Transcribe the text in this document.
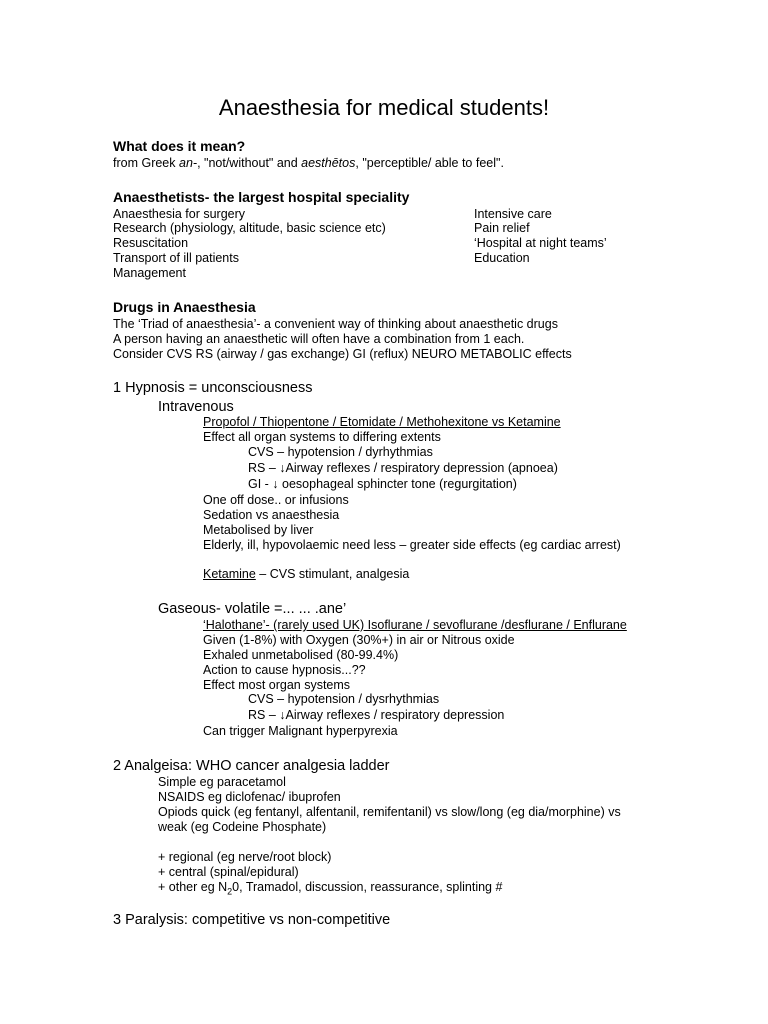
Anaesthesia for medical students!
What does it mean?
from Greek an-, "not/without" and aesthētos, "perceptible/ able to feel".
Anaesthetists- the largest hospital speciality
Anaesthesia for surgery
Research (physiology, altitude, basic science etc)
Resuscitation
Transport of ill patients
Management
Intensive care
Pain relief
‘Hospital at night teams’
Education
Drugs in Anaesthesia
The ‘Triad of anaesthesia’- a convenient way of thinking about anaesthetic drugs
A person having an anaesthetic will often have a combination from 1 each.
Consider CVS RS (airway / gas exchange) GI (reflux) NEURO METABOLIC effects
1 Hypnosis = unconsciousness
Intravenous
Propofol / Thiopentone / Etomidate / Methohexitone vs Ketamine
Effect all organ systems to differing extents
CVS – hypotension / dyrhythmias
RS – ↓Airway reflexes / respiratory depression (apnoea)
GI - ↓ oesophageal sphincter tone (regurgitation)
One off dose.. or infusions
Sedation vs anaesthesia
Metabolised by liver
Elderly, ill, hypovolaemic need less – greater side effects (eg cardiac arrest)
Ketamine – CVS stimulant, analgesia
Gaseous- volatile =... ... .ane’
‘Halothane’- (rarely used UK) Isoflurane / sevoflurane /desflurane / Enflurane
Given (1-8%) with Oxygen (30%+) in air or Nitrous oxide
Exhaled unmetabolised (80-99.4%)
Action to cause hypnosis...??
Effect most organ systems
CVS – hypotension / dysrhythmias
RS – ↓Airway reflexes / respiratory depression
Can trigger Malignant hyperpyrexia
2 Analgeisa: WHO cancer analgesia ladder
Simple eg paracetamol
NSAIDS eg diclofenac/ ibuprofen
Opiods quick (eg fentanyl, alfentanil, remifentanil) vs slow/long (eg dia/morphine) vs
weak (eg Codeine Phosphate)
+ regional (eg nerve/root block)
+ central (spinal/epidural)
+ other eg $N_20$, Tramadol, discussion, reassurance, splinting #
3 Paralysis: competitive vs non-competitive
